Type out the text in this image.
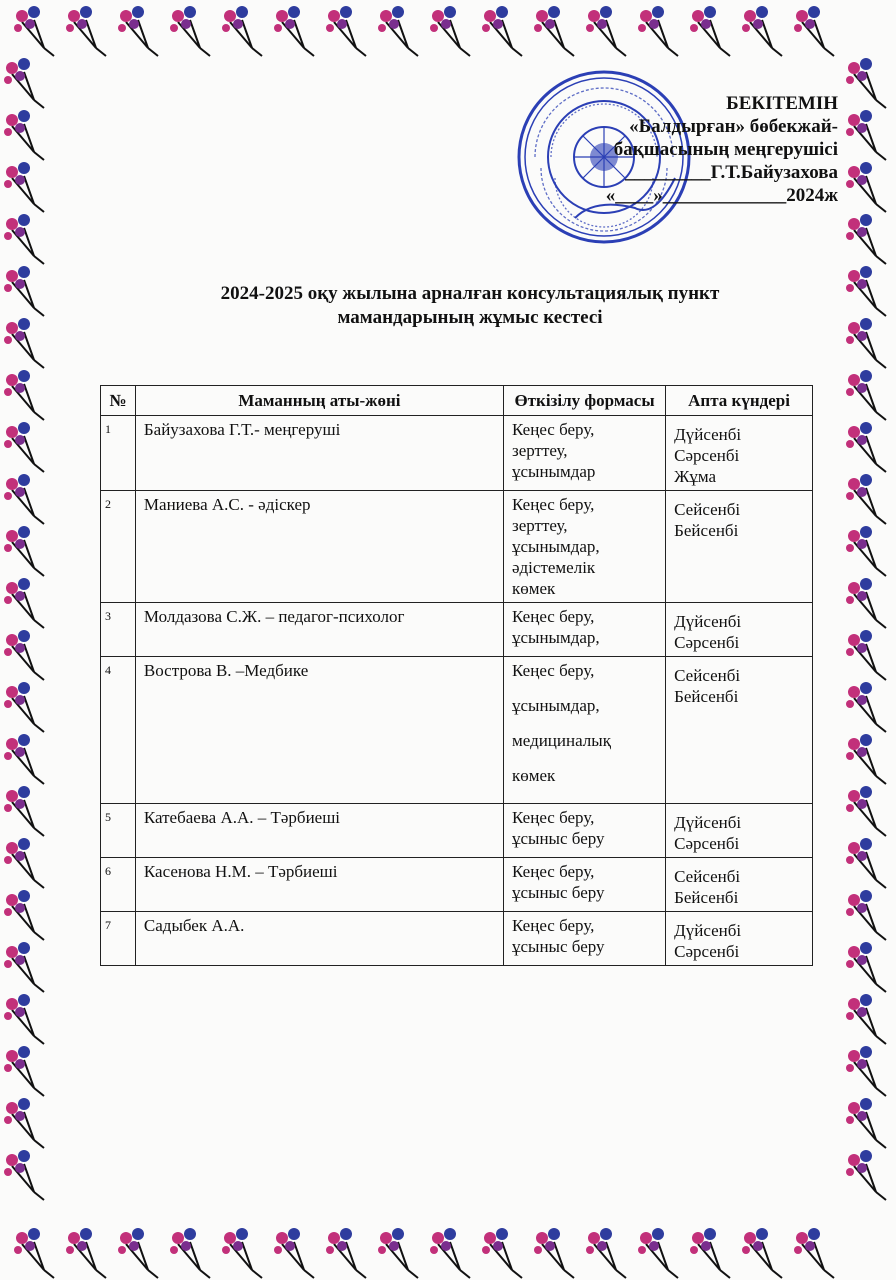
БЕКІТЕМІН
«Балдырған» бөбекжай-
бақшасының меңгерушісі
_________Г.Т.Байузахова
«____»_____________2024ж
2024-2025 оқу жылына арналған консультациялық пункт
мамандарының жұмыс кестесі
№	Маманның аты-жөні	Өткізілу формасы	Апта күндері
1	Байузахова Г.Т.- меңгеруші	Кеңес беру,
зерттеу,
ұсынымдар	Дүйсенбі
Сәрсенбі
Жұма

2	Маниева А.С. - әдіскер	Кеңес беру,
зерттеу,
ұсынымдар,
әдістемелік
көмек	Сейсенбі
Бейсенбі

3	Молдазова С.Ж. – педагог-психолог	Кеңес беру,
ұсынымдар,	Дүйсенбі
Сәрсенбі

4	Вострова В. –Медбике	Кеңес беру,
ұсынымдар,
медициналық
көмек	Сейсенбі
Бейсенбі

5	Катебаева А.А. – Тәрбиеші	Кеңес беру,
ұсыныс беру	Дүйсенбі
Сәрсенбі

6	Касенова Н.М. – Тәрбиеші	Кеңес беру,
ұсыныс беру	Сейсенбі
Бейсенбі

7	Садыбек А.А.	Кеңес беру,
ұсыныс беру	Дүйсенбі
Сәрсенбі
